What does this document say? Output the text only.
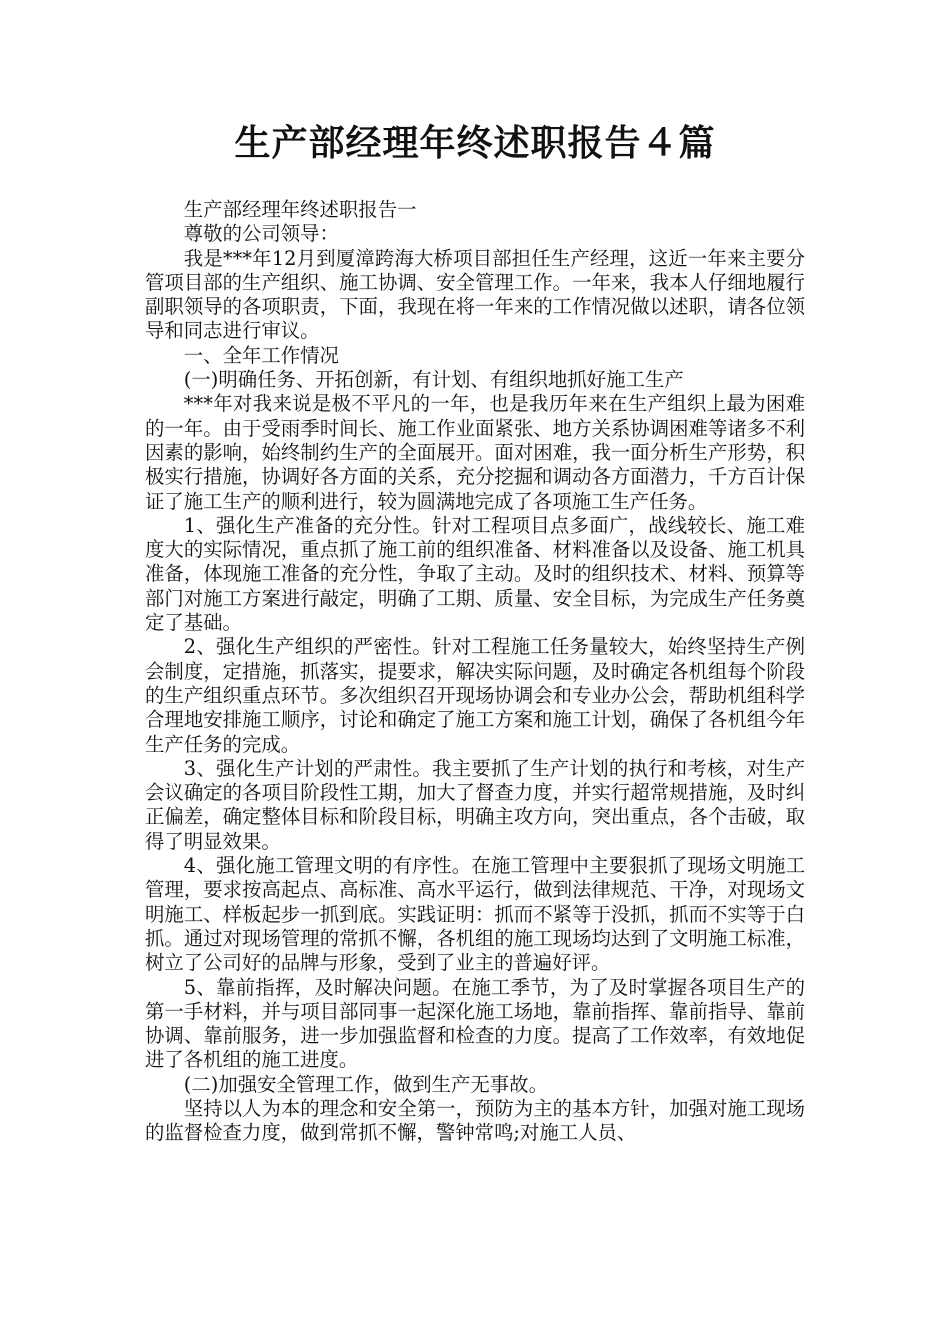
生产部经理年终述职报告４篇

生产部经理年终述职报告一

尊敬的公司领导：

我是***年12月到厦漳跨海大桥项目部担任生产经理，这近一年来主要分管项目部的生产组织、施工协调、安全管理工作。一年来，我本人仔细地履行副职领导的各项职责，下面，我现在将一年来的工作情况做以述职，请各位领导和同志进行审议。

一、全年工作情况

(一)明确任务、开拓创新，有计划、有组织地抓好施工生产

***年对我来说是极不平凡的一年，也是我历年来在生产组织上最为困难的一年。由于受雨季时间长、施工作业面紧张、地方关系协调困难等诸多不利因素的影响，始终制约生产的全面展开。面对困难，我一面分析生产形势，积极实行措施，协调好各方面的关系，充分挖掘和调动各方面潜力，千方百计保证了施工生产的顺利进行，较为圆满地完成了各项施工生产任务。

1、强化生产准备的充分性。针对工程项目点多面广，战线较长、施工难度大的实际情况，重点抓了施工前的组织准备、材料准备以及设备、施工机具准备，体现施工准备的充分性，争取了主动。及时的组织技术、材料、预算等部门对施工方案进行敲定，明确了工期、质量、安全目标，为完成生产任务奠定了基础。

2、强化生产组织的严密性。针对工程施工任务量较大，始终坚持生产例会制度，定措施，抓落实，提要求，解决实际问题，及时确定各机组每个阶段的生产组织重点环节。多次组织召开现场协调会和专业办公会，帮助机组科学合理地安排施工顺序，讨论和确定了施工方案和施工计划，确保了各机组今年生产任务的完成。

3、强化生产计划的严肃性。我主要抓了生产计划的执行和考核，对生产会议确定的各项目阶段性工期，加大了督查力度，并实行超常规措施，及时纠正偏差，确定整体目标和阶段目标，明确主攻方向，突出重点，各个击破，取得了明显效果。

4、强化施工管理文明的有序性。在施工管理中主要狠抓了现场文明施工管理，要求按高起点、高标准、高水平运行，做到法律规范、干净，对现场文明施工、样板起步一抓到底。实践证明：抓而不紧等于没抓，抓而不实等于白抓。通过对现场管理的常抓不懈，各机组的施工现场均达到了文明施工标准，树立了公司好的品牌与形象，受到了业主的普遍好评。

5、靠前指挥，及时解决问题。在施工季节，为了及时掌握各项目生产的第一手材料，并与项目部同事一起深化施工场地，靠前指挥、靠前指导、靠前协调、靠前服务，进一步加强监督和检查的力度。提高了工作效率，有效地促进了各机组的施工进度。

(二)加强安全管理工作，做到生产无事故。

坚持以人为本的理念和安全第一，预防为主的基本方针，加强对施工现场的监督检查力度，做到常抓不懈，警钟常鸣;对施工人员、
